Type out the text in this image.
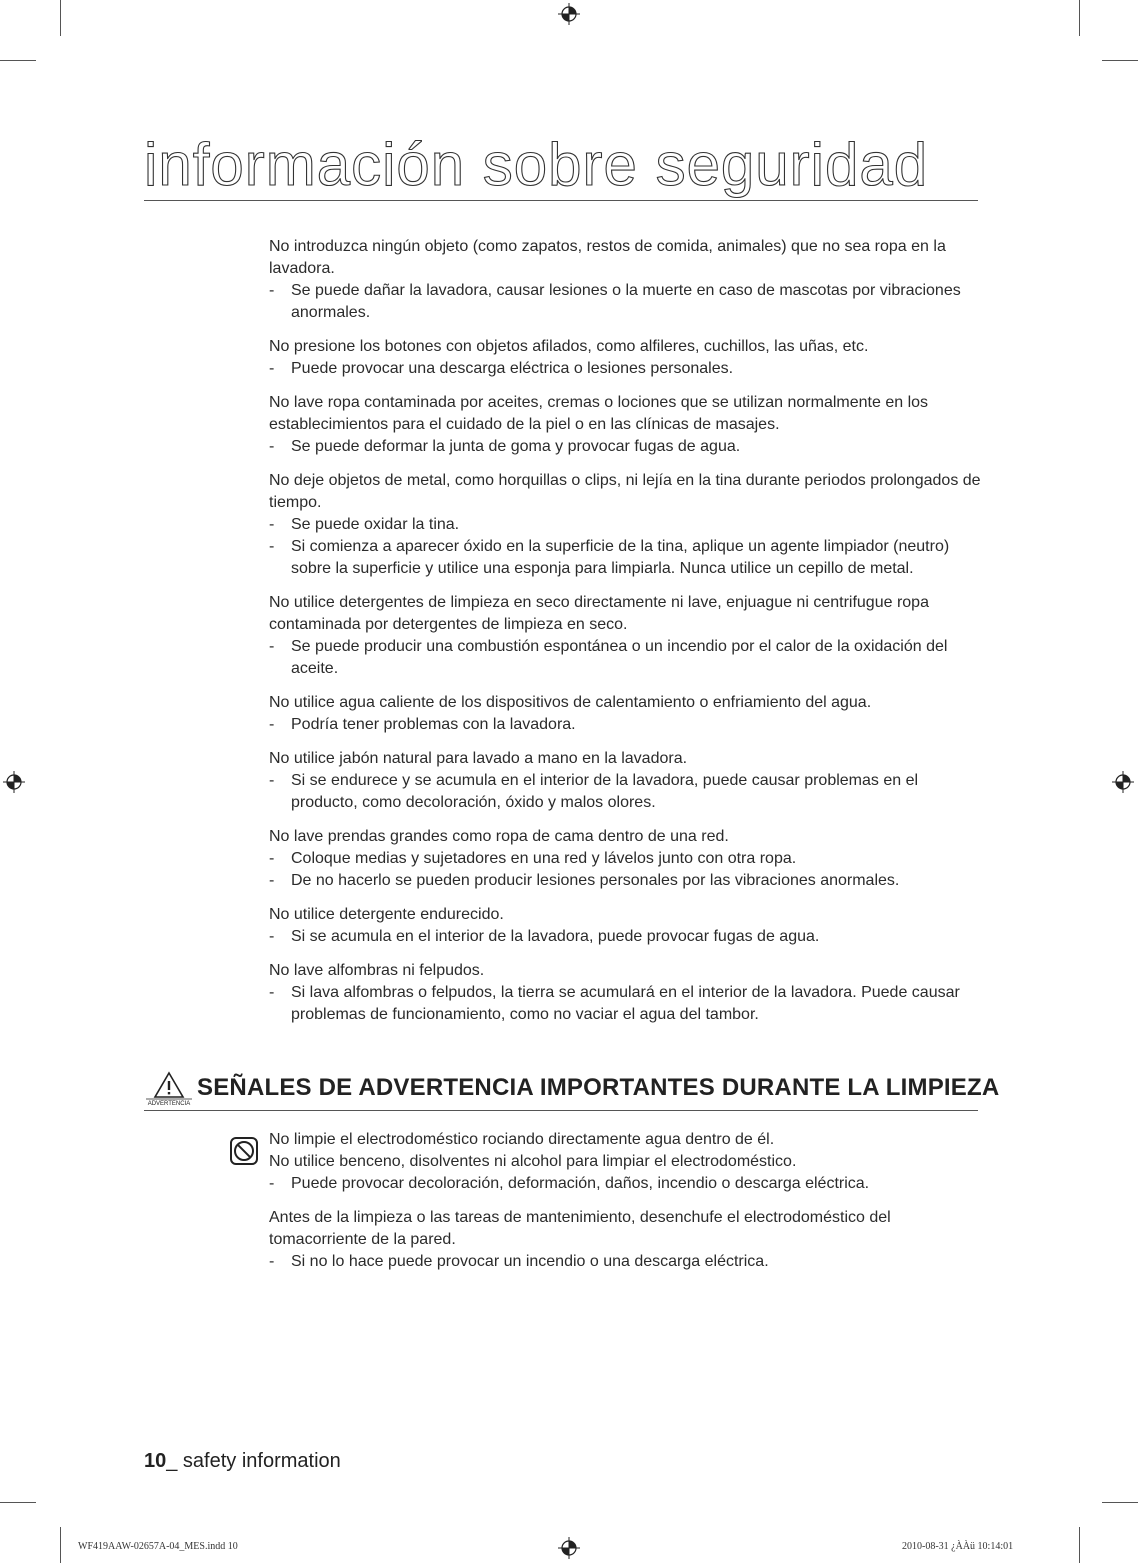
información sobre seguridad

No introduzca ningún objeto (como zapatos, restos de comida, animales) que no sea ropa en la lavadora.

- Se puede dañar la lavadora, causar lesiones o la muerte en caso de mascotas por vibraciones anormales.

No presione los botones con objetos afilados, como alfileres, cuchillos, las uñas, etc.

- Puede provocar una descarga eléctrica o lesiones personales.

No lave ropa contaminada por aceites, cremas o lociones que se utilizan normalmente en los establecimientos para el cuidado de la piel o en las clínicas de masajes.

- Se puede deformar la junta de goma y provocar fugas de agua.

No deje objetos de metal, como horquillas o clips, ni lejía en la tina durante periodos prolongados de tiempo.

- Se puede oxidar la tina.

- Si comienza a aparecer óxido en la superficie de la tina, aplique un agente limpiador (neutro) sobre la superficie y utilice una esponja para limpiarla. Nunca utilice un cepillo de metal.

No utilice detergentes de limpieza en seco directamente ni lave, enjuague ni centrifugue ropa contaminada por detergentes de limpieza en seco.

- Se puede producir una combustión espontánea o un incendio por el calor de la oxidación del aceite.

No utilice agua caliente de los dispositivos de calentamiento o enfriamiento del agua.

- Podría tener problemas con la lavadora.

No utilice jabón natural para lavado a mano en la lavadora.

- Si se endurece y se acumula en el interior de la lavadora, puede causar problemas en el producto, como decoloración, óxido y malos olores.

No lave prendas grandes como ropa de cama dentro de una red.

- Coloque medias y sujetadores en una red y lávelos junto con otra ropa.

- De no hacerlo se pueden producir lesiones personales por las vibraciones anormales.

No utilice detergente endurecido.

- Si se acumula en el interior de la lavadora, puede provocar fugas de agua.

No lave alfombras ni felpudos.

- Si lava alfombras o felpudos, la tierra se acumulará en el interior de la lavadora. Puede causar problemas de funcionamiento, como no vaciar el agua del tambor.

ADVERTENCIA
SEÑALES DE ADVERTENCIA IMPORTANTES DURANTE LA LIMPIEZA

No limpie el electrodoméstico rociando directamente agua dentro de él.
No utilice benceno, disolventes ni alcohol para limpiar el electrodoméstico.

- Puede provocar decoloración, deformación, daños, incendio o descarga eléctrica.

Antes de la limpieza o las tareas de mantenimiento, desenchufe el electrodoméstico del tomacorriente de la pared.

- Si no lo hace puede provocar un incendio o una descarga eléctrica.

10_ safety information
WF419AAW-02657A-04_MES.indd 10	2010-08-31 ¿ÀÀü 10:14:01
